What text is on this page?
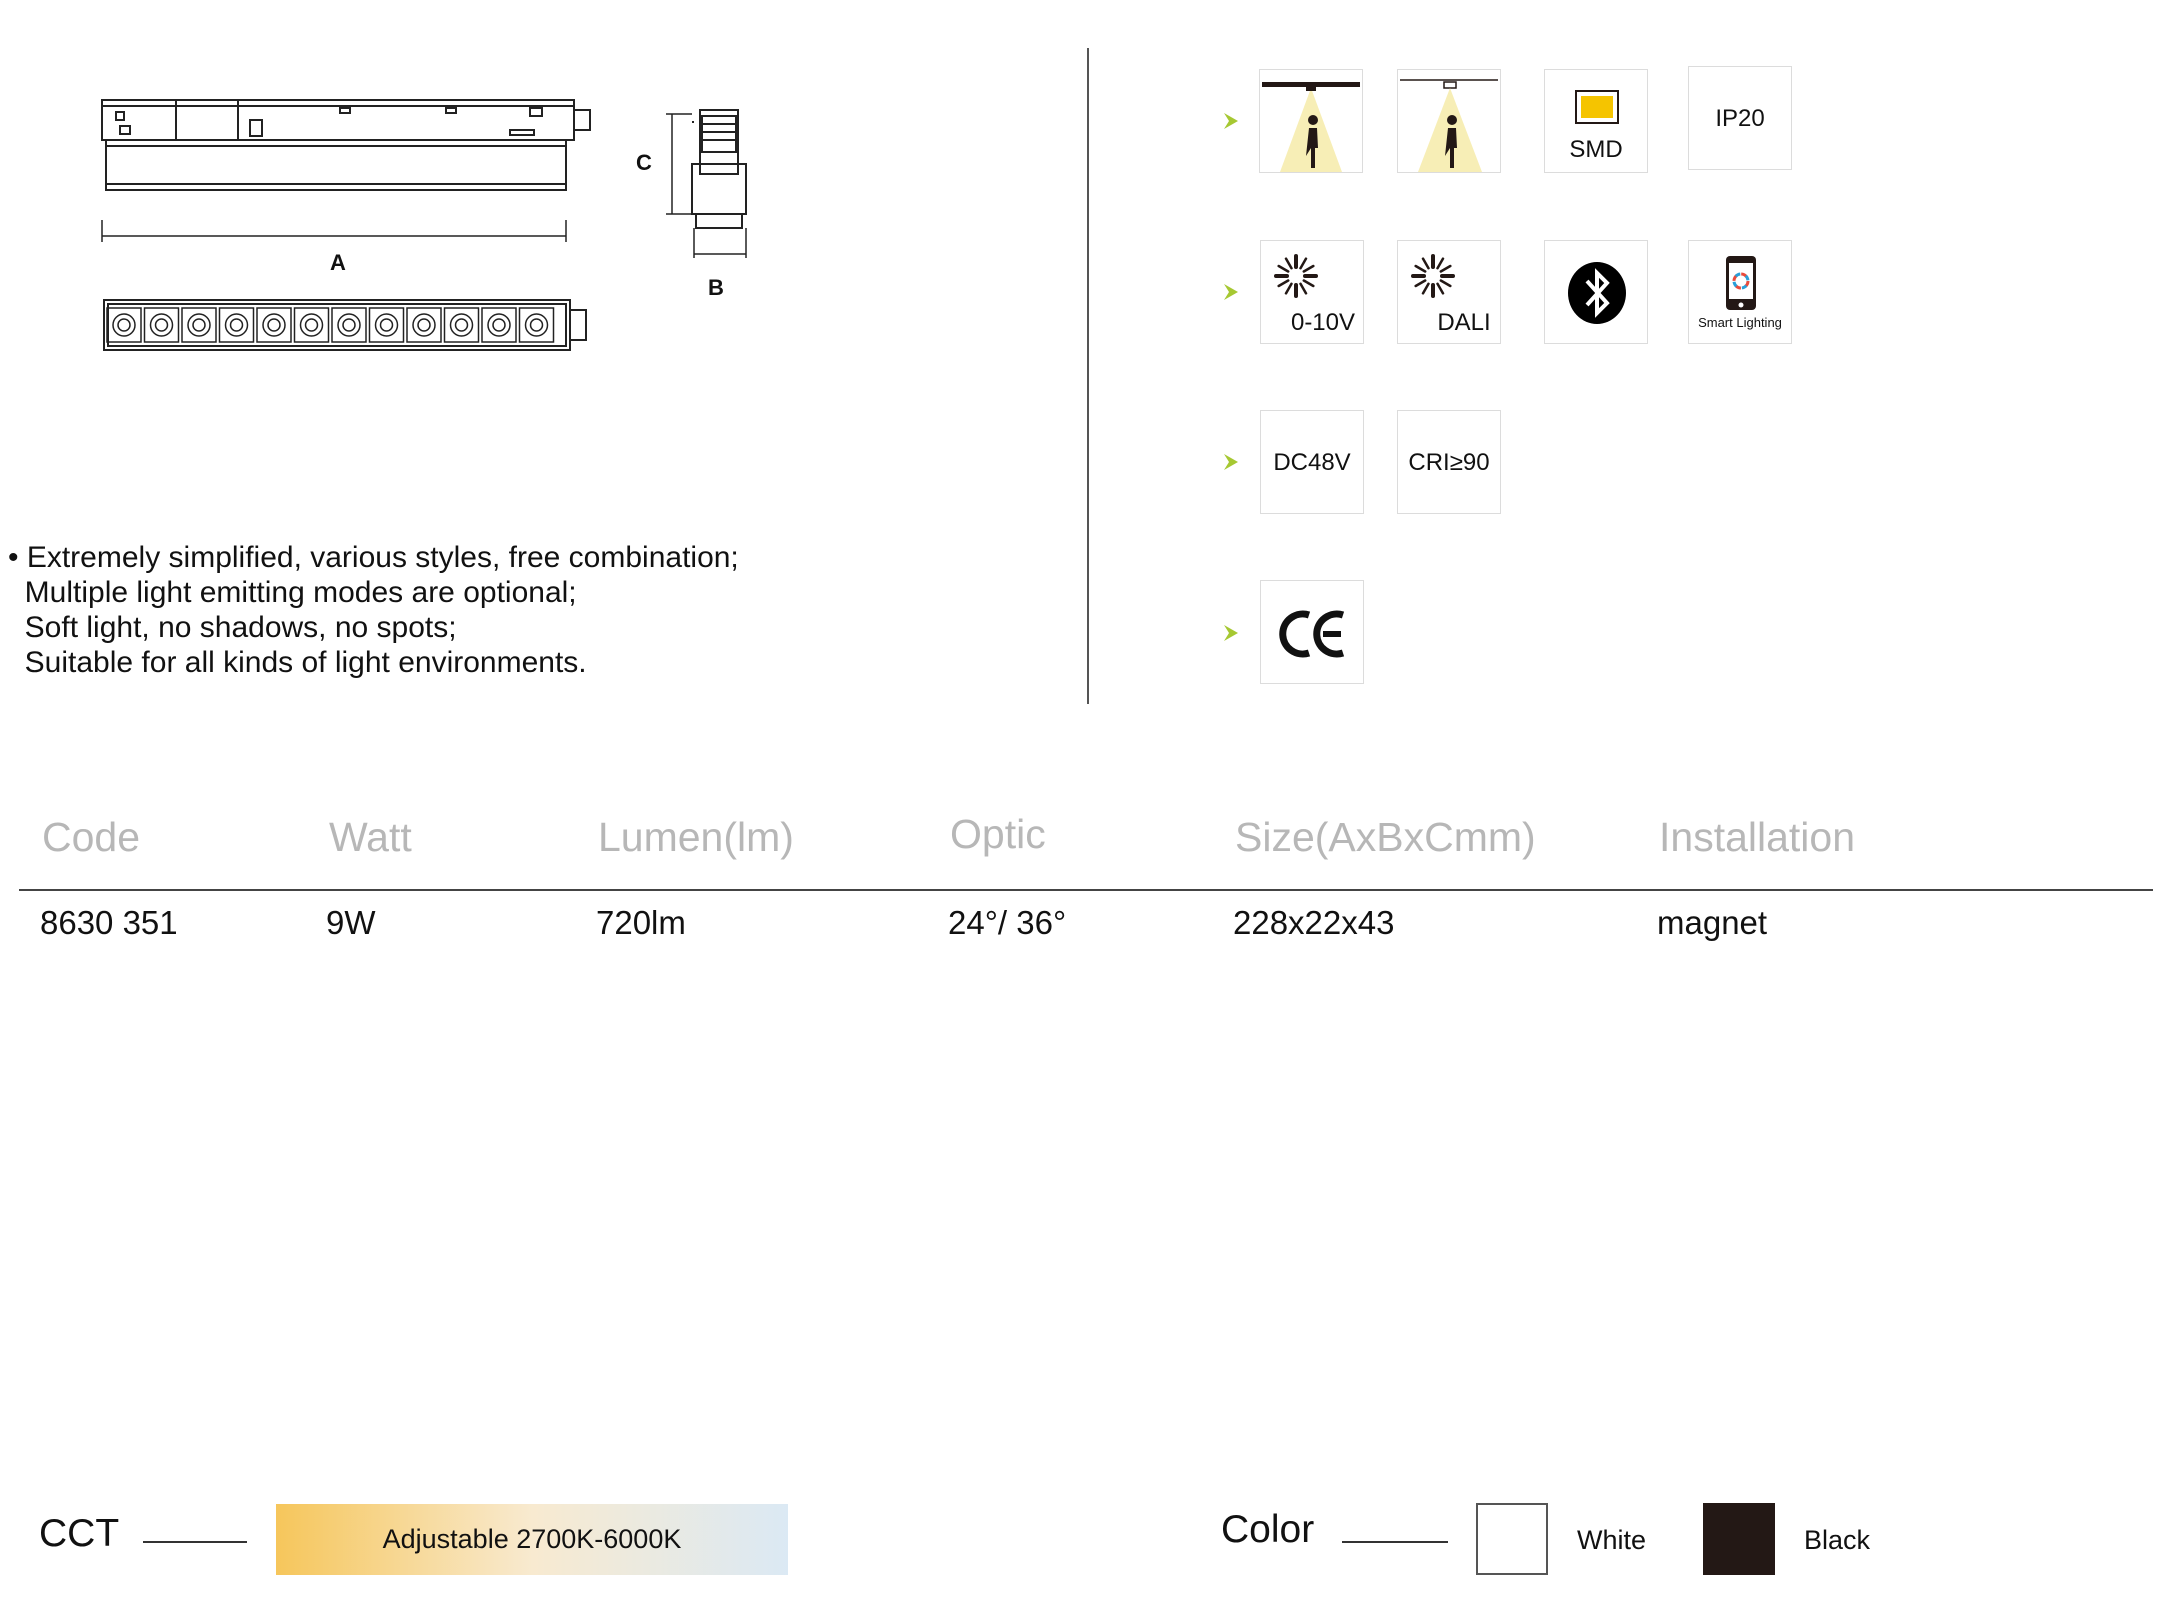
A
C
B
• Extremely simplified, various styles, free combination;
Multiple light emitting modes are optional;
Soft light, no shadows, no spots;
Suitable for all kinds of light environments.
SMD
IP20
0-10V	DALI	Smart Lighting
DC48V	CRI≥90
Code	Watt	Lumen(lm)	Optic	Size(AxBxCmm)	Installation
8630 351	9W	720lm	24°/ 36°	228x22x43	magnet
CCT	Adjustable 2700K-6000K	Color	White	Black
